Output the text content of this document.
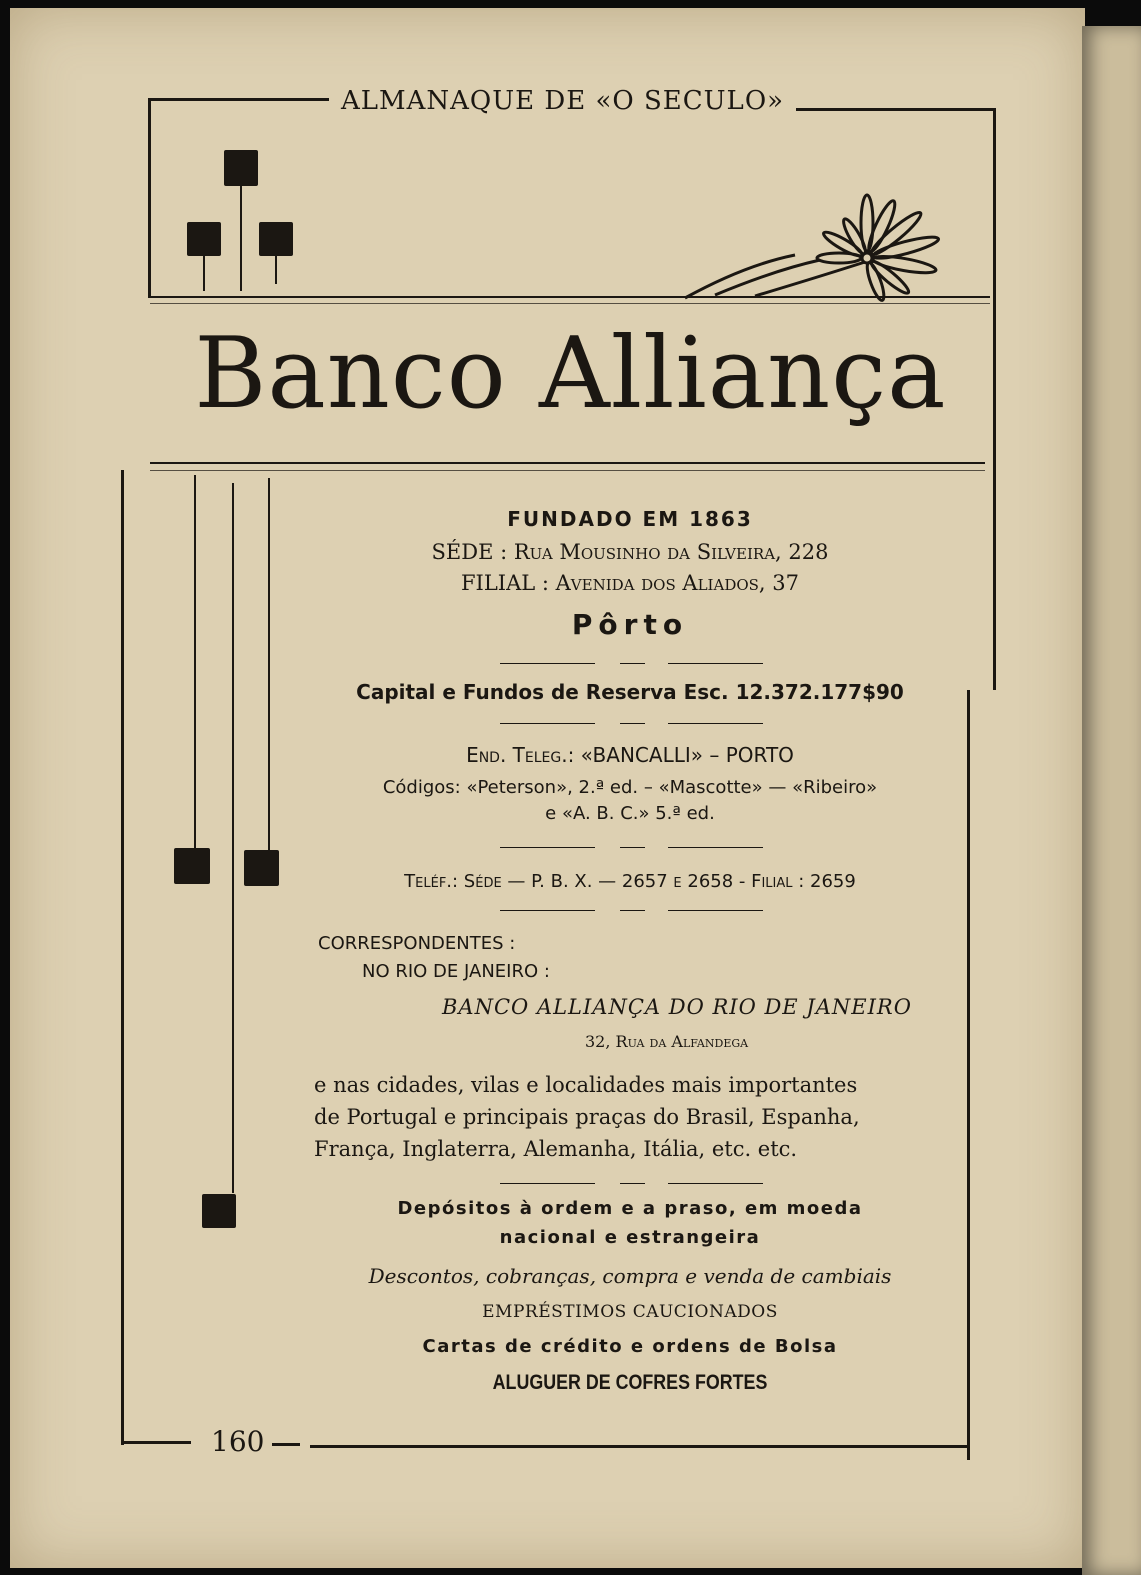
ALMANAQUE DE «O SECULO»
Banco Alliança
FUNDADO EM 1863
SÉDE : Rua Mousinho da Silveira, 228
FILIAL : Avenida dos Aliados, 37
Pôrto
Capital e Fundos de Reserva Esc. 12.372.177$90
End. Teleg.: «BANCALLI» – PORTO
Códigos: «Peterson», 2.ª ed. – «Mascotte» — «Ribeiro»
e «A. B. C.» 5.ª ed.
Teléf.: Séde — P. B. X. — 2657 e 2658 - Filial : 2659
CORRESPONDENTES :
NO RIO DE JANEIRO :
BANCO ALLIANÇA DO RIO DE JANEIRO
32, Rua da Alfandega
e nas cidades, vilas e localidades mais importantes
de Portugal e principais praças do Brasil, Espanha,
França, Inglaterra, Alemanha, Itália, etc. etc.
Depósitos à ordem e a praso, em moeda
nacional e estrangeira
Descontos, cobranças, compra e venda de cambiais
EMPRÉSTIMOS CAUCIONADOS
Cartas de crédito e ordens de Bolsa
ALUGUER DE COFRES FORTES
160
